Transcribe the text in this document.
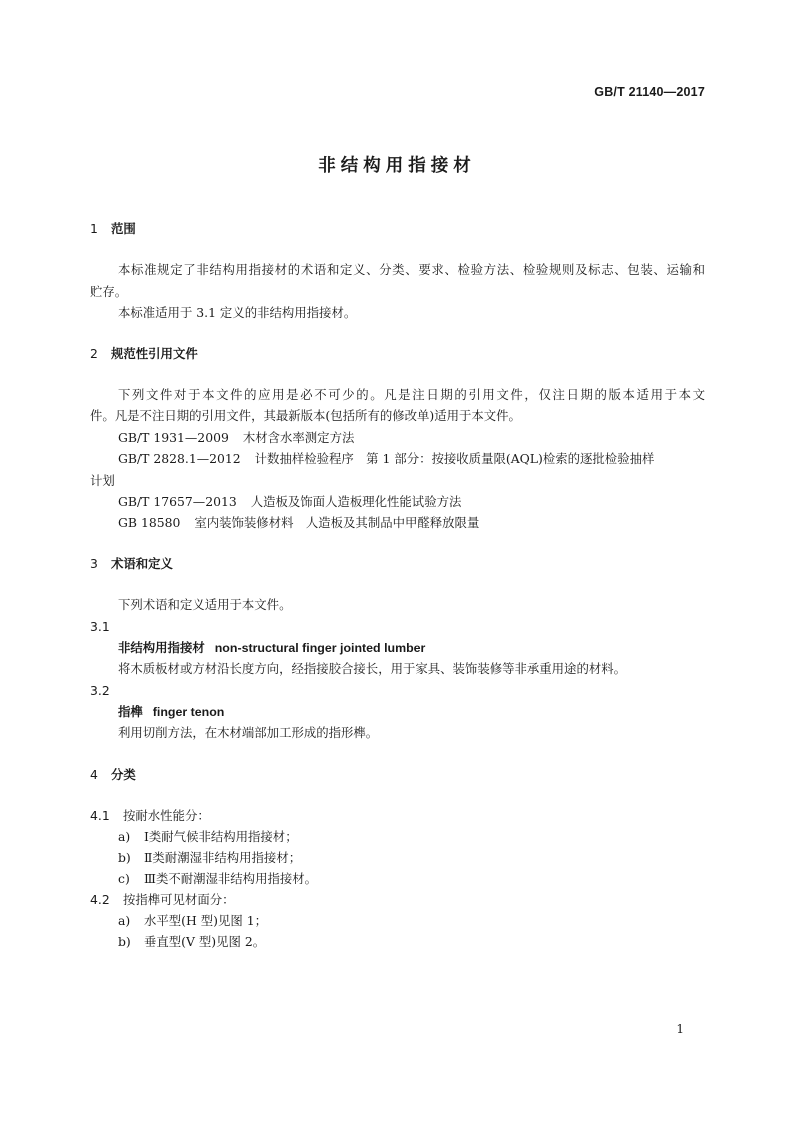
GB/T 21140—2017
非结构用指接材
1 范围
本标准规定了非结构用指接材的术语和定义、分类、要求、检验方法、检验规则及标志、包装、运输和
贮存。
本标准适用于 3.1 定义的非结构用指接材。
2 规范性引用文件
下列文件对于本文件的应用是必不可少的。凡是注日期的引用文件，仅注日期的版本适用于本文
件。凡是不注日期的引用文件，其最新版本(包括所有的修改单)适用于本文件。
GB/T 1931—2009 木材含水率测定方法
GB/T 2828.1—2012 计数抽样检验程序　第 1 部分：按接收质量限(AQL)检索的逐批检验抽样
计划
GB/T 17657—2013 人造板及饰面人造板理化性能试验方法
GB 18580 室内装饰装修材料　人造板及其制品中甲醛释放限量
3 术语和定义
下列术语和定义适用于本文件。
3.1
非结构用指接材 non-structural finger jointed lumber
将木质板材或方材沿长度方向，经指接胶合接长，用于家具、装饰装修等非承重用途的材料。
3.2
指榫 finger tenon
利用切削方法，在木材端部加工形成的指形榫。
4 分类
4.1 按耐水性能分：
a) Ⅰ类耐气候非结构用指接材；
b) Ⅱ类耐潮湿非结构用指接材；
c) Ⅲ类不耐潮湿非结构用指接材。
4.2 按指榫可见材面分：
a) 水平型(H 型)见图 1；
b) 垂直型(V 型)见图 2。
1
